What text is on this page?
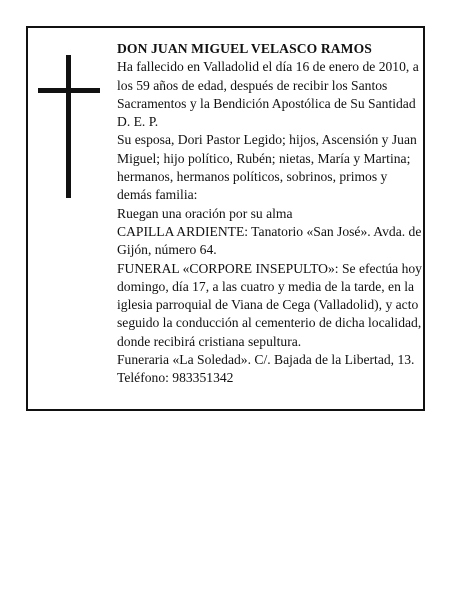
DON JUAN MIGUEL VELASCO RAMOS

Ha fallecido en Valladolid el día 16 de enero de 2010, a los 59 años de edad, después de recibir los Santos Sacramentos y la Bendición Apostólica de Su Santidad

D. E. P.

Su esposa, Dori Pastor Legido; hijos, Ascensión y Juan Miguel; hijo político, Rubén; nietas, María y Martina; hermanos, hermanos políticos, sobrinos, primos y demás familia:

Ruegan una oración por su alma

CAPILLA ARDIENTE: Tanatorio «San José». Avda. de Gijón, número 64.

FUNERAL «CORPORE INSEPULTO»: Se efectúa hoy domingo, día 17, a las cuatro y media de la tarde, en la iglesia parroquial de Viana de Cega (Valladolid), y acto seguido la conducción al cementerio de dicha localidad, donde recibirá cristiana sepultura.

Funeraria «La Soledad». C/. Bajada de la Libertad, 13. Teléfono: 983351342
